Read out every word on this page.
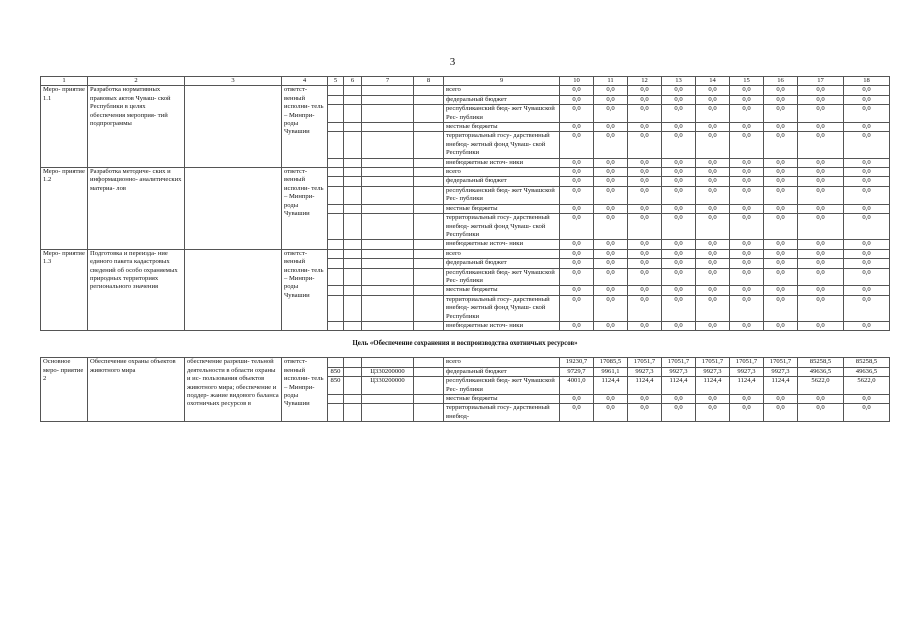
3
1	2	3	4	5	6	7	8	9	10	11	12	13	14	15	16	17	18
Меро- приятие 1.1	Разработка нормативных правовых актов Чуваш- ской Республики в целях обеспечения мероприя- тий подпрограммы		ответст- венный исполни- тель – Минпри- роды Чувашии					всего	0,0	0,0	0,0	0,0	0,0	0,0	0,0	0,0	0,0
								федеральный бюджет	0,0	0,0	0,0	0,0	0,0	0,0	0,0	0,0	0,0
								республиканский бюд- жет Чувашской Рес- публики	0,0	0,0	0,0	0,0	0,0	0,0	0,0	0,0	0,0
								местные бюджеты	0,0	0,0	0,0	0,0	0,0	0,0	0,0	0,0	0,0
								территориальный госу- дарственный внебюд- жетный фонд Чуваш- ской Республики	0,0	0,0	0,0	0,0	0,0	0,0	0,0	0,0	0,0
								внебюджетные источ- ники	0,0	0,0	0,0	0,0	0,0	0,0	0,0	0,0	0,0
Меро- приятие 1.2	Разработка методиче- ских и информационно- аналитических материа- лов		ответст- венный исполни- тель – Минпри- роды Чувашии					всего	0,0	0,0	0,0	0,0	0,0	0,0	0,0	0,0	0,0
								федеральный бюджет	0,0	0,0	0,0	0,0	0,0	0,0	0,0	0,0	0,0
								республиканский бюд- жет Чувашской Рес- публики	0,0	0,0	0,0	0,0	0,0	0,0	0,0	0,0	0,0
								местные бюджеты	0,0	0,0	0,0	0,0	0,0	0,0	0,0	0,0	0,0
								территориальный госу- дарственный внебюд- жетный фонд Чуваш- ской Республики	0,0	0,0	0,0	0,0	0,0	0,0	0,0	0,0	0,0
								внебюджетные источ- ники	0,0	0,0	0,0	0,0	0,0	0,0	0,0	0,0	0,0
Меро- приятие 1.3	Подготовка и переизда- ние единого пакета кадастровых сведений об особо охраняемых природных территориях регионального значения		ответст- венный исполни- тель – Минпри- роды Чувашии					всего	0,0	0,0	0,0	0,0	0,0	0,0	0,0	0,0	0,0
								федеральный бюджет	0,0	0,0	0,0	0,0	0,0	0,0	0,0	0,0	0,0
								республиканский бюд- жет Чувашской Рес- публики	0,0	0,0	0,0	0,0	0,0	0,0	0,0	0,0	0,0
								местные бюджеты	0,0	0,0	0,0	0,0	0,0	0,0	0,0	0,0	0,0
								территориальный госу- дарственный внебюд- жетный фонд Чуваш- ской Республики	0,0	0,0	0,0	0,0	0,0	0,0	0,0	0,0	0,0
								внебюджетные источ- ники	0,0	0,0	0,0	0,0	0,0	0,0	0,0	0,0	0,0
Цель «Обеспечение сохранения и воспроизводства охотничьих ресурсов»																	
Основное меро- приятие 2	Обеспечение охраны объектов животного мира	обеспечение разреши- тельной деятельности в области охраны и ис- пользования объектов животного мира; обеспечение и поддер- жание видового баланса охотничьих ресурсов в	ответст- венный исполни- тель – Минпри- роды Чувашии					всего	19230,7	17085,5	17051,7	17051,7	17051,7	17051,7	17051,7	85258,5	85258,5
				850		Ц330200000		федеральный бюджет	9729,7	9961,1	9927,3	9927,3	9927,3	9927,3	9927,3	49636,5	49636,5
				850		Ц330200000		республиканский бюд- жет Чувашской Рес- публики	4001,0	1124,4	1124,4	1124,4	1124,4	1124,4	1124,4	5622,0	5622,0
								местные бюджеты	0,0	0,0	0,0	0,0	0,0	0,0	0,0	0,0	0,0
								территориальный госу- дарственный внебюд-	0,0	0,0	0,0	0,0	0,0	0,0	0,0	0,0	0,0
